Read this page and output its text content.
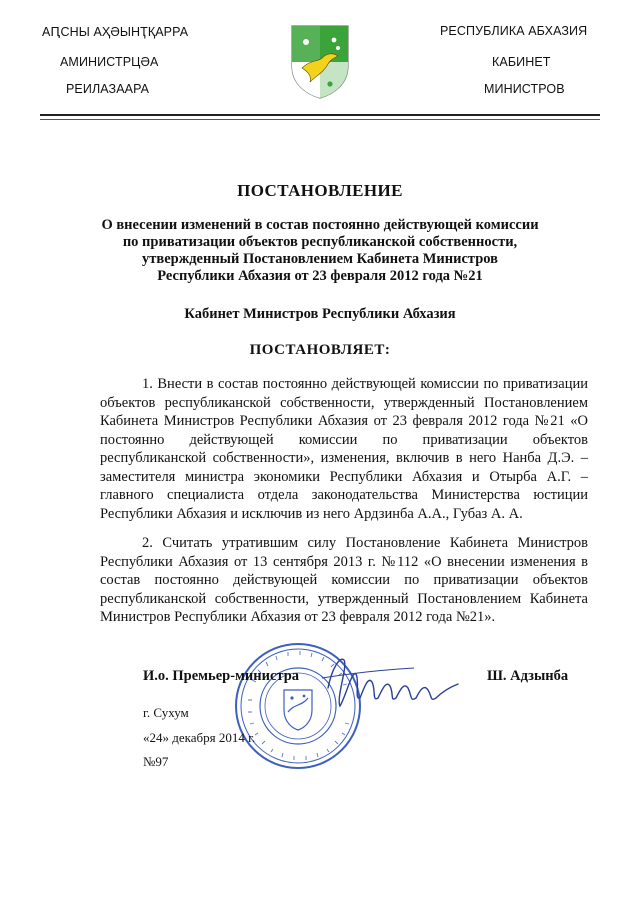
АԤСНЫ АҲӘЫНҬҚАРРА
АМИНИСТРЦӘА
РЕИЛАЗААРА
РЕСПУБЛИКА АБХАЗИЯ
КАБИНЕТ
МИНИСТРОВ
ПОСТАНОВЛЕНИЕ
О внесении изменений в состав постоянно действующей комиссии
по приватизации объектов республиканской собственности,
утвержденный Постановлением Кабинета Министров
Республики Абхазия от 23 февраля 2012 года №21
Кабинет Министров Республики Абхазия
ПОСТАНОВЛЯЕТ:

1. Внести в состав постоянно действующей комиссии по приватизации объектов республиканской собственности, утвержденный Постановлением Кабинета Министров Республики Абхазия от 23 февраля 2012 года №21 «О постоянно действующей комиссии по приватизации объектов республиканской собственности», изменения, включив в него Нанба Д.Э. – заместителя министра экономики Республики Абхазия и Отырба А.Г. – главного специалиста отдела законодательства Министерства юстиции Республики Абхазия и исключив из него Ардзинба А.А., Губаз А. А.

2. Считать утратившим силу Постановление Кабинета Министров Республики Абхазия от 13 сентября 2013 г. №112 «О внесении изменения в состав постоянно действующей комиссии по приватизации объектов республиканской собственности, утвержденный Постановлением Кабинета Министров Республики Абхазия от 23 февраля 2012 года №21».

И.о. Премьер-министра	Ш. Адзынба
г. Сухум
«24» декабря 2014 г.
№97
